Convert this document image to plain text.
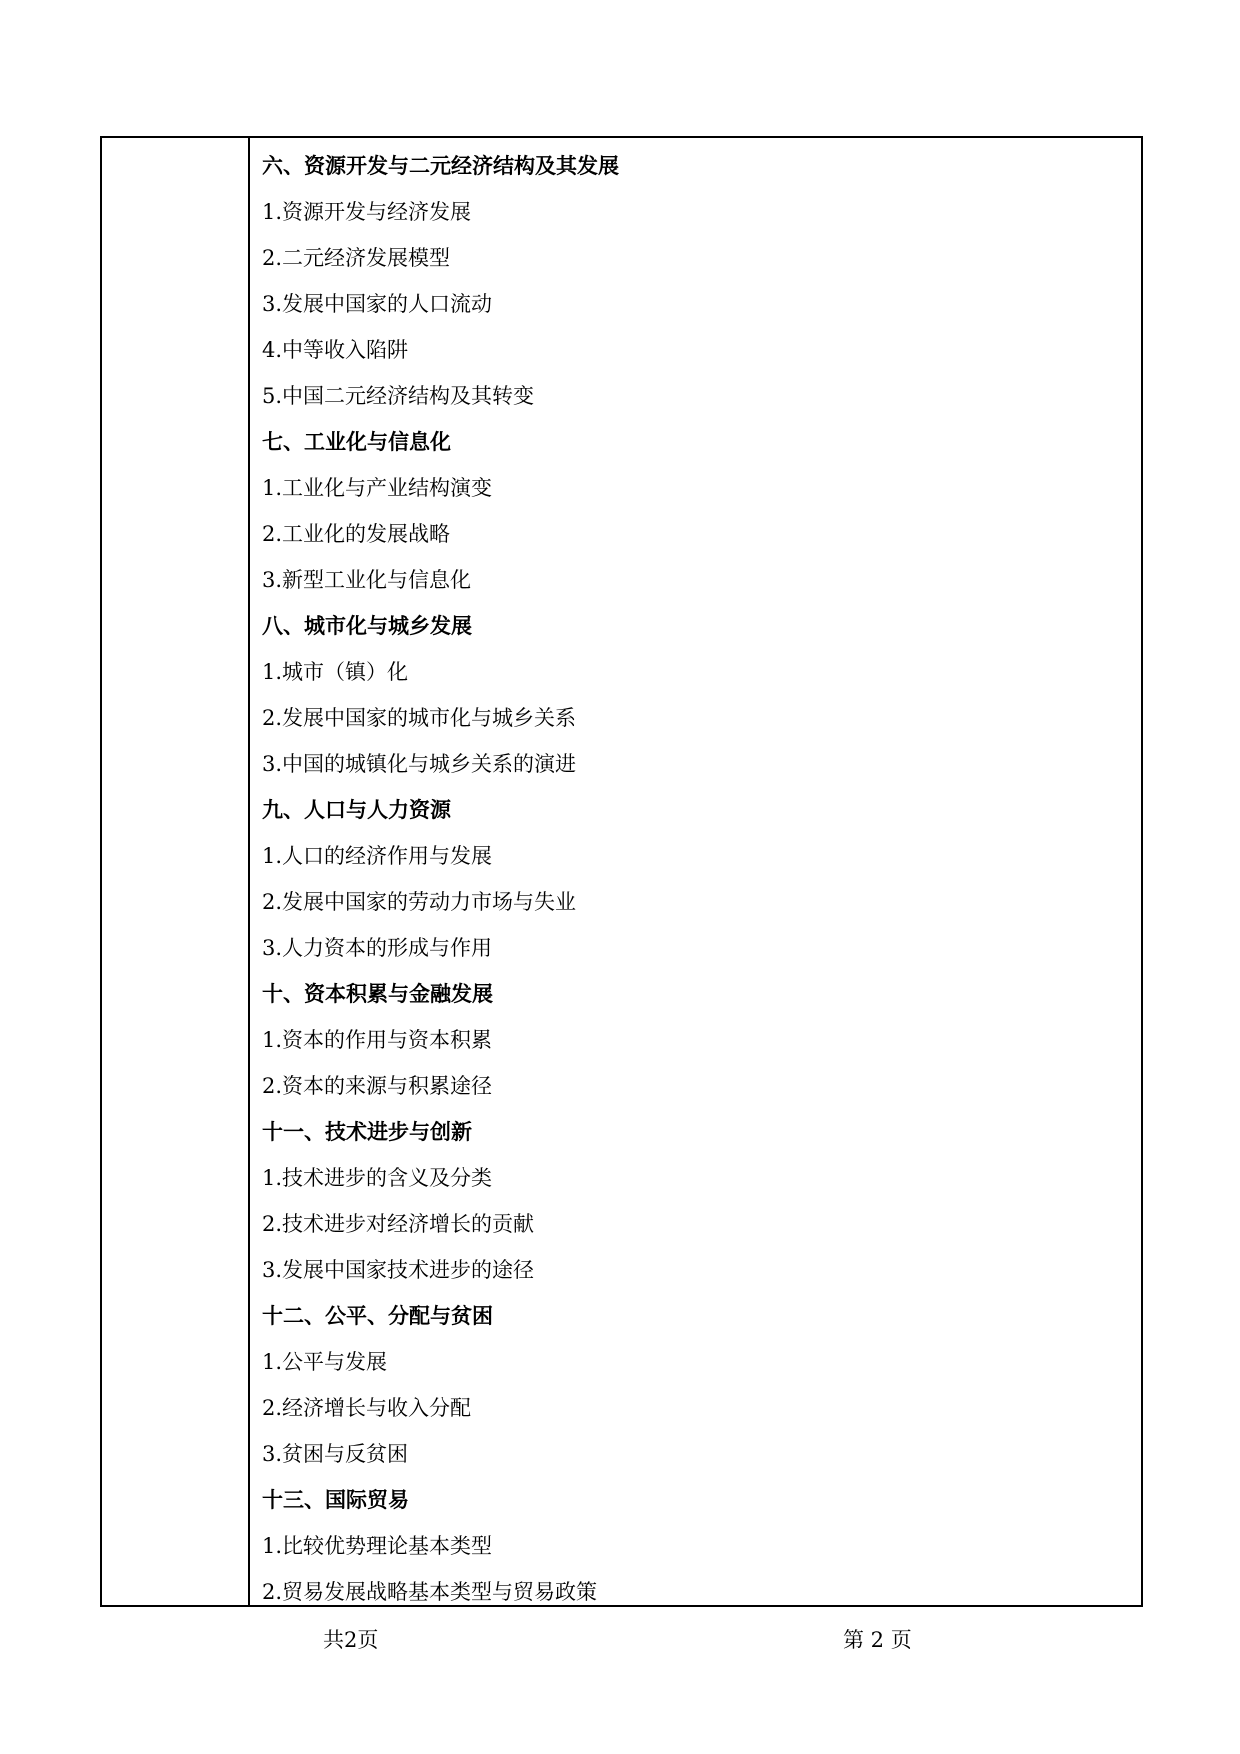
六、资源开发与二元经济结构及其发展
1.资源开发与经济发展
2.二元经济发展模型
3.发展中国家的人口流动
4.中等收入陷阱
5.中国二元经济结构及其转变
七、工业化与信息化
1.工业化与产业结构演变
2.工业化的发展战略
3.新型工业化与信息化
八、城市化与城乡发展
1.城市（镇）化
2.发展中国家的城市化与城乡关系
3.中国的城镇化与城乡关系的演进
九、人口与人力资源
1.人口的经济作用与发展
2.发展中国家的劳动力市场与失业
3.人力资本的形成与作用
十、资本积累与金融发展
1.资本的作用与资本积累
2.资本的来源与积累途径
十一、技术进步与创新
1.技术进步的含义及分类
2.技术进步对经济增长的贡献
3.发展中国家技术进步的途径
十二、公平、分配与贫困
1.公平与发展
2.经济增长与收入分配
3.贫困与反贫困
十三、国际贸易
1.比较优势理论基本类型
2.贸易发展战略基本类型与贸易政策
共2页	第 2 页
